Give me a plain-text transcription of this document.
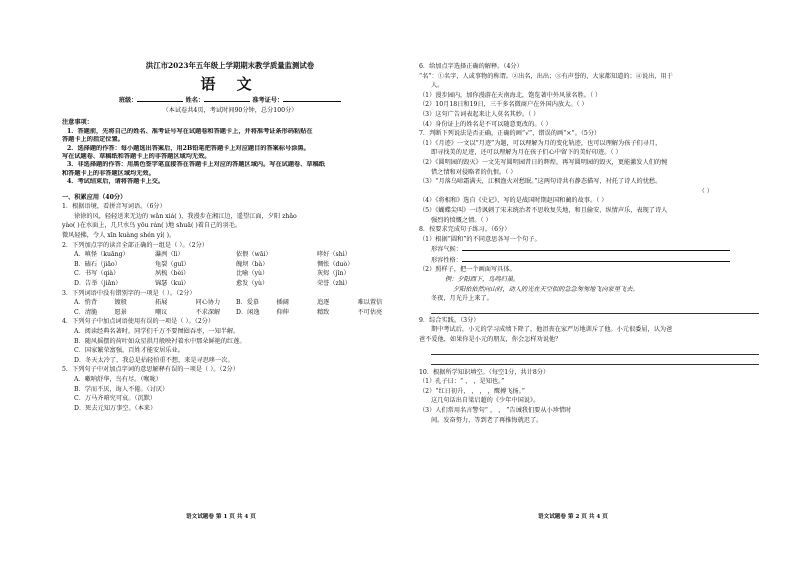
洪江市2023年五年级上学期期末教学质量监测试卷
语 文
班级：	姓名：	准考证号：
（本试卷共4页，考试时间90分钟，总分100分）
注意事项：
1．答题前，先将自己的姓名、准考证号写在试题卷和答题卡上，并将准考证条形码粘贴在
答题卡上的指定位置。
2．选择题的作答：每小题选出答案后，用2B铅笔把答题卡上对应题目的答案标号涂黑。
写在试题卷、草稿纸和答题卡上的非答题区域均无效。
3．非选择题的作答：用黑色签字笔直接答在答题卡上对应的答题区域内。写在试题卷、草稿纸
和答题卡上的非答题区域均无效。
4．考试结束后，请将答题卡上交。
一、积累应用（40分）
1．根据语境，看拼音写词语。（6分）
徐徐的风，轻轻送来无边的 wǎn xiá( )，我漫步在湘江边，遥望江面，夕阳 zhǎo
yào( )在水面上，几只水鸟 yōu rán( )地 shuā( )着自己的羽毛。
微风轻拂，令人 xīn kuàng shén yí( )。
2．下列加点字的读音全部正确的一组是（ ）。（2分）
A．嗔怪（kuāng）	瀑洌（lì）	依偎（wāi）	哮好（shì）
B．磕石（jiāo）	龟裂（guī）	魄坝（bà）	惆怅（duò）
C．书写（qià）	夙梳（bèi）	比喻（yù）	灰烬（jǐn）
D．告举（jiǎn）	锦瑟（kuì）	愈发（yù）	荣誉（zhì）
3．下列词语中没有错别字的一项是（ ）。（2分）
A．悄背	镀般	拓展	同心协力	B．爱慕	插阔	追逐	难以置信
C．清脆	愿景	嘲议	不求深解	D．闲逸	仰伸	精致	不可估亮
4．下列句子中加点词语使用有误的一项是（ ）。（2分）
A．阅读经典名著时，同学们千万不要囫囵吞枣，一知半解。
B．随风摇摆的荷叶如众星拱月般映衬着水中那朵鲜艳的红莲。
C．国家繁荣富强，百姓才能安居乐业。
D．冬天太冷了，我总是拈轻怕重不想，来是寻思哆一次。
5．下列句子中对加点字词的意思解释有误的一项是（ ）。（2分）
A．嗽呐舒华，鸟有尽。（喉咙）
B．学而不厌，诲人不倦。（讨厌）
C．万马齐喑究可哀。（沉默）
D．死去元知万事空。（本来）
语文试题卷 第 1 页 共 4 页
6．给加点字选择正确的解释。（4分）
“名”：①名字，人或事物的称谓。②出名，出出；③有声誉的，大家都知道的；④说出，用于
人。
（1）漫步园内，加你漫游在天南海北，饱览著中外风景名胜。（ ）
（2）10月18日和19日，三千多名微商户在外国内放大。（ ）
（3）这句广告词表起来让人莫名其妙。（ ）
（4）身份证上的姓名是不可以随意更改的。（ ）
7．判断下列说法是否正确，正确的画“√”，错误的画“×”。（5分）
（1）《月迹》一文以“月迹”为题，可以理解为月的变化轨迹，也可以理解为孩子们寻月，
即寻找美的足迹，还可以理解为月在孩子们心中留下的美好印迹。（ ）
（2）《圆明园的毁灭》一文先写圆明园昔日的辉煌，再写圆明园的毁灭，更能激发人们的惋
惜之情和对侵略者的仇恨。（ ）
（3）“月落乌啼霜满天，江枫渔火对愁眠。”这两句诗共有静态描写，衬托了诗人的忧愁。
（ ）
（4）《将相和》选自《史记》，写的是战国时期赵国和蔺的故事。（ ）
（5）《蝴蝶尖叫》一诗讽刺了宋末统治者不思收复失地，和且偷安、纵情声乐，表现了诗人
强烈的愤慨之情。（ ）
8．按要求完成句子练习。（6分）
（1）根据“圆和”的不同意思各写一个句子。
形容气候：
形容性格：
（2）照样子，把一个画面写具体。
例：夕阳西下，鸟鸣归巢。
夕阳依依然向山时，动人的光在天空似的急急匆匆地飞向家里飞去。
冬夜，月光升上来了。
9．综合实践。（3分）
期中考试后，小元的学习成绩下降了，他沮丧在家严厉地训斥了他。小元很委屈，认为爸
爸不爱他，如果你是小元的朋友，你会怎样劝说他？
10．根据所学知识填空。（每空1分，共计8分）
（1）孔子曰：“ ， ，是知也。”
（2）“红日初升， ， ， ，鹰搏飞扬。”
这几句话出自梁启超的《少年中国说》。
（3）人们常用名言警句“ ， ， ”告诫我们要从小珍惜时
间。发奋努力，等到老了再推悔就迟了。
语文试题卷 第 2 页 共 4 页
